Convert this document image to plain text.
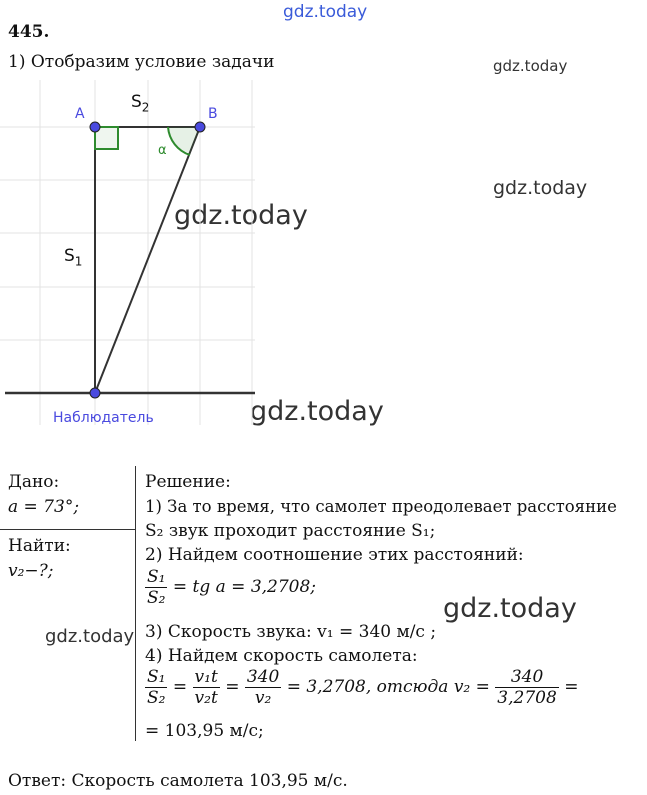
gdz.today
gdz.today
gdz.today
gdz.today
gdz.today
gdz.today
gdz.today
445.
1) Отобразим условие задачи
A	B
$S_2$
$S_1$
α
Наблюдатель
Дано:
a = 73°;
Найти:
v₂−?;
Решение:
1) За то время, что самолет преодолевает расстояние
S₂ звук проходит расстояние S₁;
2) Найдем соотношение этих расстояний:
$\frac{\text{S₁}}{\text{S₂}}$ = tg a = 3,2708;
3) Скорость звука: v₁ = 340 м/с ;
4) Найдем скорость самолета:
$\frac{\text{S₁}}{\text{S₂}} = \frac{\text{v₁t}}{\text{v₂t}} = \frac{340}{\text{v₂}} = 3,2708$, отсюда $v_2 = \frac{340}{3,2708}$ =
= 103,95 м/с;
Ответ: Скорость самолета 103,95 м/с.
